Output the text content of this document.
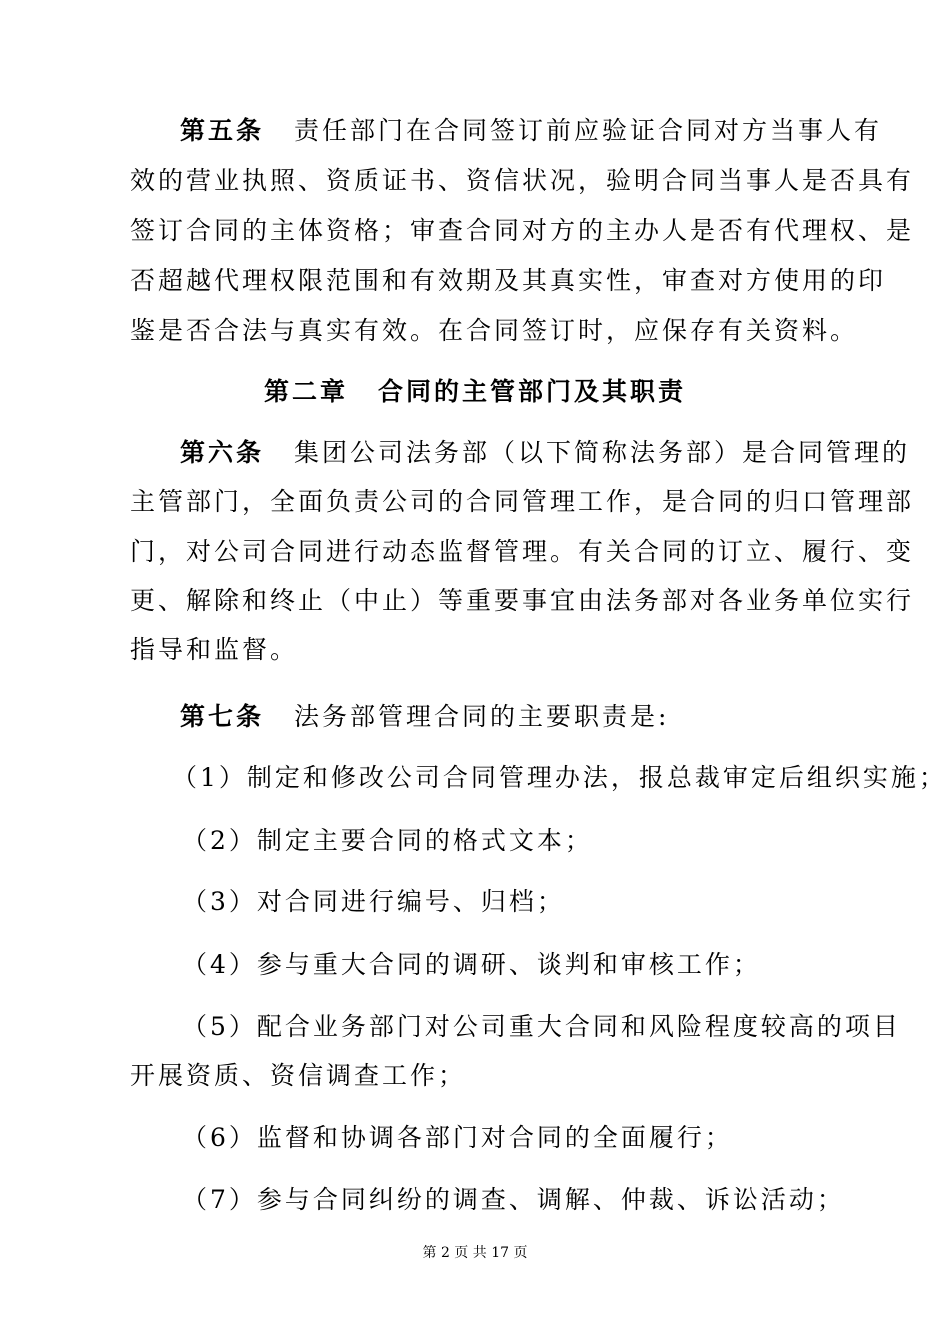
第五条 责任部门在合同签订前应验证合同对方当事人有
效的营业执照、资质证书、资信状况，验明合同当事人是否具有
签订合同的主体资格；审查合同对方的主办人是否有代理权、是
否超越代理权限范围和有效期及其真实性，审查对方使用的印
鉴是否合法与真实有效。在合同签订时，应保存有关资料。
第二章 合同的主管部门及其职责
第六条 集团公司法务部（以下简称法务部）是合同管理的
主管部门，全面负责公司的合同管理工作，是合同的归口管理部
门，对公司合同进行动态监督管理。有关合同的订立、履行、变
更、解除和终止（中止）等重要事宜由法务部对各业务单位实行
指导和监督。
第七条 法务部管理合同的主要职责是:
（1）制定和修改公司合同管理办法，报总裁审定后组织实施；
（2）制定主要合同的格式文本；
（3）对合同进行编号、归档；
（4）参与重大合同的调研、谈判和审核工作；
（5）配合业务部门对公司重大合同和风险程度较高的项目
开展资质、资信调查工作；
（6）监督和协调各部门对合同的全面履行；
（7）参与合同纠纷的调查、调解、仲裁、诉讼活动；
第 2 页 共 17 页
